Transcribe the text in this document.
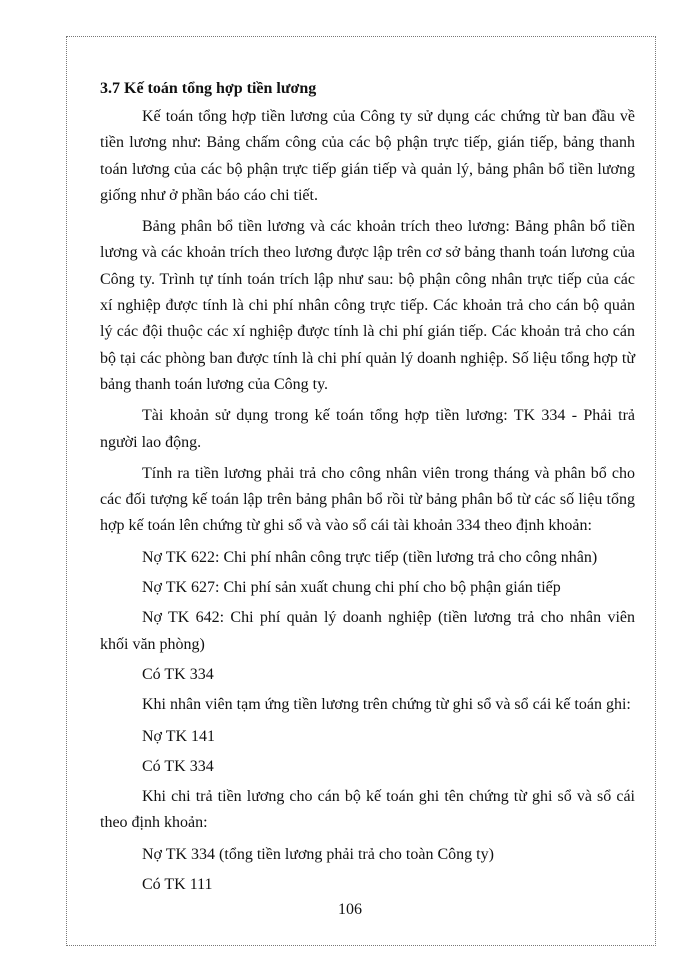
3.7 Kế toán tổng hợp tiền lương

Kế toán tổng hợp tiền lương của Công ty sử dụng các chứng từ ban đầu về tiền lương như: Bảng chấm công của các bộ phận trực tiếp, gián tiếp, bảng thanh toán lương của các bộ phận trực tiếp gián tiếp và quản lý, bảng phân bổ tiền lương giống như ở phần báo cáo chi tiết.

Bảng phân bổ tiền lương và các khoản trích theo lương: Bảng phân bổ tiền lương và các khoản trích theo lương được lập trên cơ sở bảng thanh toán lương của Công ty. Trình tự tính toán trích lập như sau: bộ phận công nhân trực tiếp của các xí nghiệp được tính là chi phí nhân công trực tiếp. Các khoản trả cho cán bộ quản lý các đội thuộc các xí nghiệp được tính là chi phí gián tiếp. Các khoản trả cho cán bộ tại các phòng ban được tính là chi phí quản lý doanh nghiệp. Số liệu tổng hợp từ bảng thanh toán lương của Công ty.

Tài khoản sử dụng trong kế toán tổng hợp tiền lương: TK 334 - Phải trả người lao động.

Tính ra tiền lương phải trả cho công nhân viên trong tháng và phân bổ cho các đối tượng kế toán lập trên bảng phân bổ rồi từ bảng phân bổ từ các số liệu tổng hợp kế toán lên chứng từ ghi sổ và vào sổ cái tài khoản 334 theo định khoản:

Nợ TK 622: Chi phí nhân công trực tiếp (tiền lương trả cho công nhân)

Nợ TK 627: Chi phí sản xuất chung chi phí cho bộ phận gián tiếp

Nợ TK 642: Chi phí quản lý doanh nghiệp (tiền lương trả cho nhân viên khối văn phòng)

Có TK 334

Khi nhân viên tạm ứng tiền lương trên chứng từ ghi sổ và sổ cái kế toán ghi:

Nợ TK 141

Có TK 334

Khi chi trả tiền lương cho cán bộ kế toán ghi tên chứng từ ghi sổ và sổ cái theo định khoản:

Nợ TK 334 (tổng tiền lương phải trả cho toàn Công ty)

Có TK 111

106
